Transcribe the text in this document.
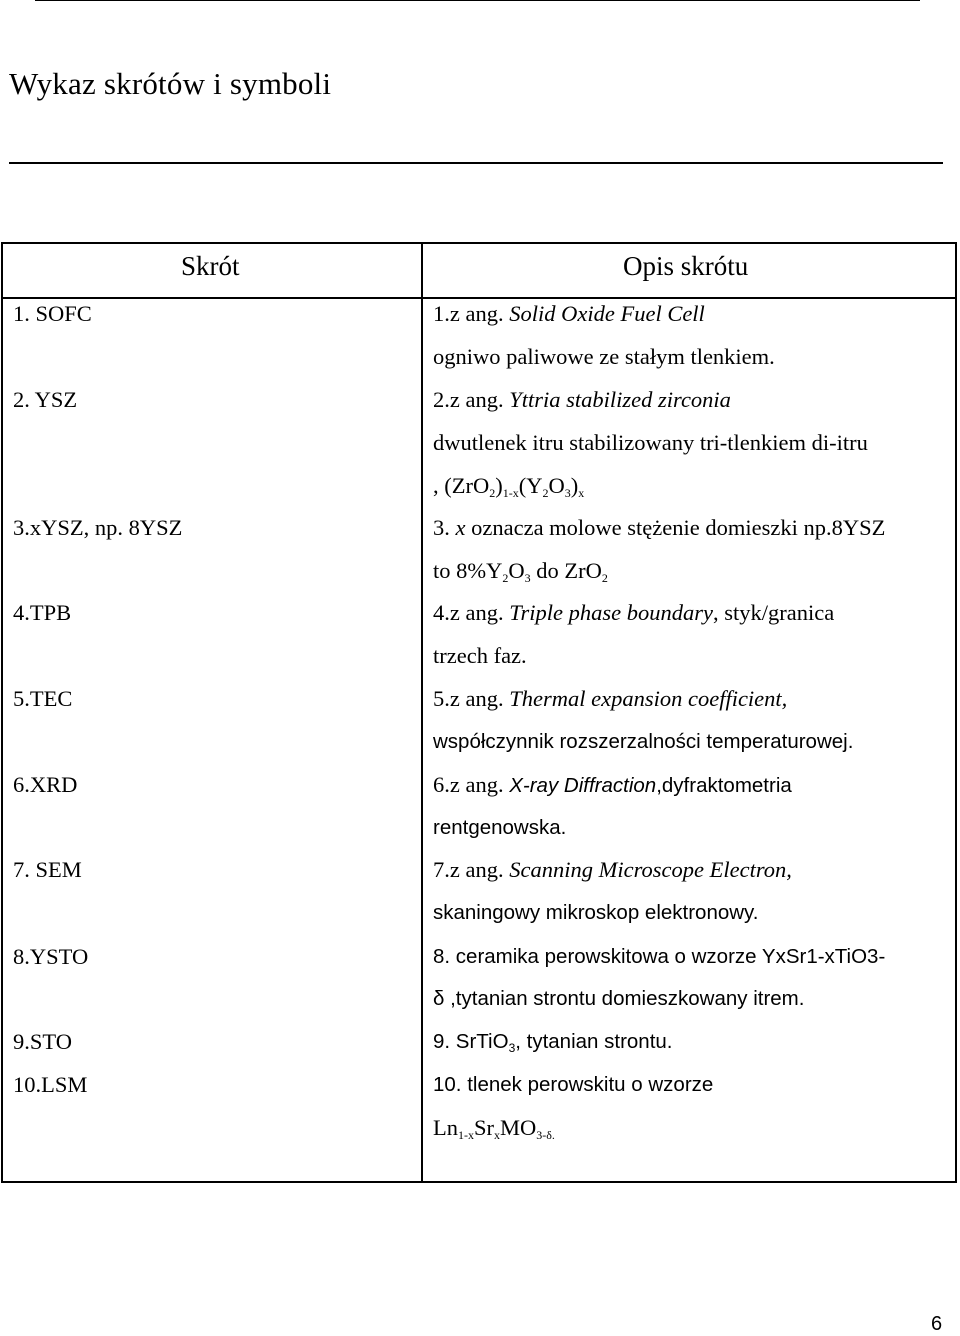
Wykaz skrótów i symboli
Skrót	Opis skrótu
1. SOFC
2. YSZ
3.xYSZ, np. 8YSZ
4.TPB
5.TEC
6.XRD
7. SEM
8.YSTO
9.STO
10.LSM
1.z ang. Solid Oxide Fuel Cell
ogniwo paliwowe ze stałym tlenkiem.
2.z ang. Yttria stabilized zirconia
dwutlenek itru stabilizowany tri-tlenkiem di-itru
, $(ZrO_2)_{1-x}(Y_2O_3)_x$
3. x oznacza molowe stężenie domieszki np.8YSZ
to $8\%Y_2O_3$ do ZrO$_2$
4.z ang. Triple phase boundary, styk/granica
trzech faz.
5.z ang. Thermal expansion coefficient,
współczynnik rozszerzalności temperaturowej.
6.z ang. X-ray Diffraction,dyfraktometria
rentgenowska.
7.z ang. Scanning Microscope Electron,
skaningowy mikroskop elektronowy.
8. ceramika perowskitowa o wzorze YxSr1-xTiO3-
δ ,tytanian strontu domieszkowany itrem.
9. SrTiO$_3$, tytanian strontu.
10. tlenek perowskitu o wzorze
$Ln_{1-x}Sr_xMO_{3-\delta.}$
6
